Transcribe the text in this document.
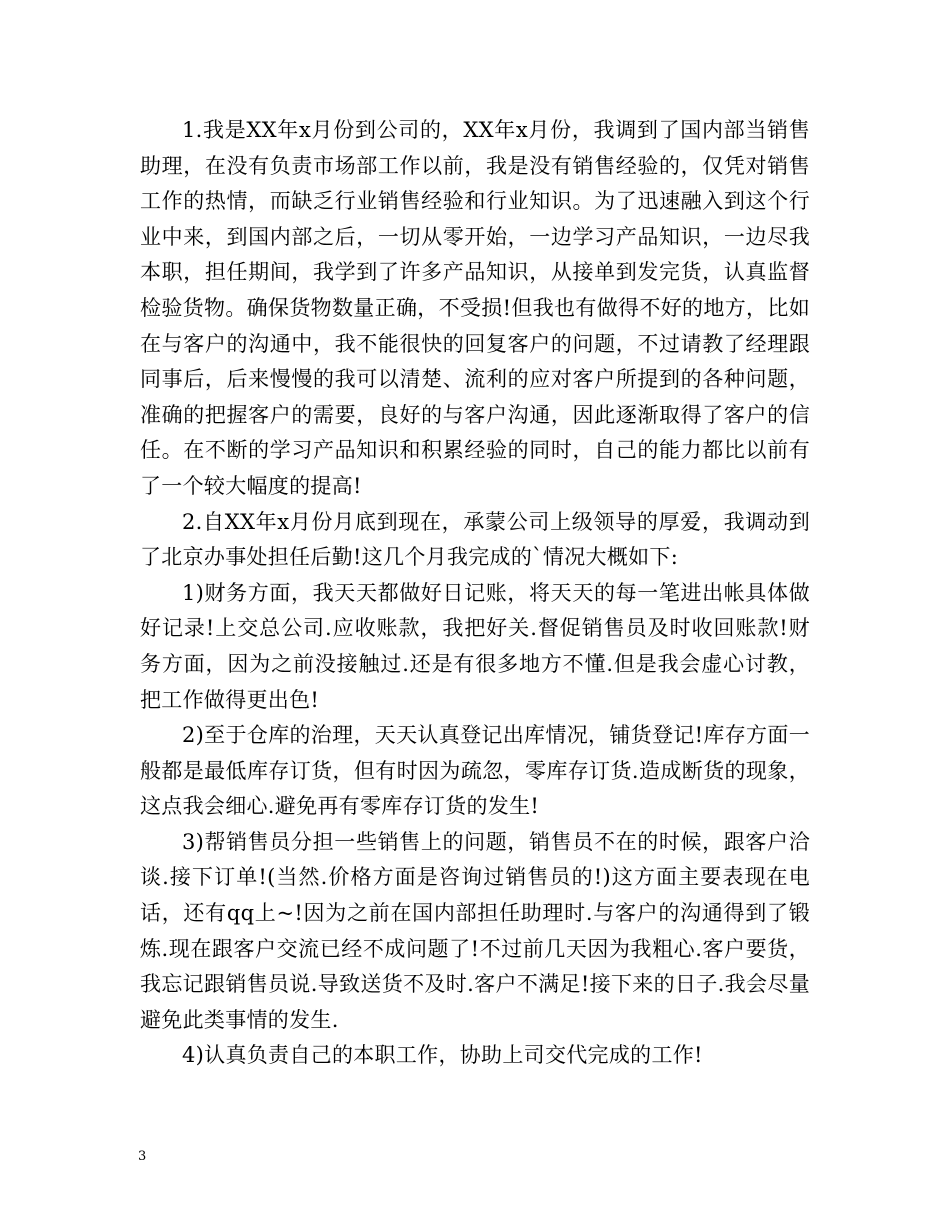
1.我是XX年x月份到公司的，XX年x月份，我调到了国内部当销售助理，在没有负责市场部工作以前，我是没有销售经验的，仅凭对销售工作的热情，而缺乏行业销售经验和行业知识。为了迅速融入到这个行业中来，到国内部之后，一切从零开始，一边学习产品知识，一边尽我本职，担任期间，我学到了许多产品知识，从接单到发完货，认真监督检验货物。确保货物数量正确，不受损!但我也有做得不好的地方，比如在与客户的沟通中，我不能很快的回复客户的问题，不过请教了经理跟同事后，后来慢慢的我可以清楚、流利的应对客户所提到的各种问题，准确的把握客户的需要，良好的与客户沟通，因此逐渐取得了客户的信任。在不断的学习产品知识和积累经验的同时，自己的能力都比以前有了一个较大幅度的提高!

2.自XX年x月份月底到现在，承蒙公司上级领导的厚爱，我调动到了北京办事处担任后勤!这几个月我完成的`情况大概如下:

1)财务方面，我天天都做好日记账，将天天的每一笔进出帐具体做好记录!上交总公司.应收账款，我把好关.督促销售员及时收回账款!财务方面，因为之前没接触过.还是有很多地方不懂.但是我会虚心讨教，把工作做得更出色!

2)至于仓库的治理，天天认真登记出库情况，铺货登记!库存方面一般都是最低库存订货，但有时因为疏忽，零库存订货.造成断货的现象，这点我会细心.避免再有零库存订货的发生!

3)帮销售员分担一些销售上的问题，销售员不在的时候，跟客户洽谈.接下订单!(当然.价格方面是咨询过销售员的!)这方面主要表现在电话，还有qq上~!因为之前在国内部担任助理时.与客户的沟通得到了锻炼.现在跟客户交流已经不成问题了!不过前几天因为我粗心.客户要货，我忘记跟销售员说.导致送货不及时.客户不满足!接下来的日子.我会尽量避免此类事情的发生.

4)认真负责自己的本职工作，协助上司交代完成的工作!

3
